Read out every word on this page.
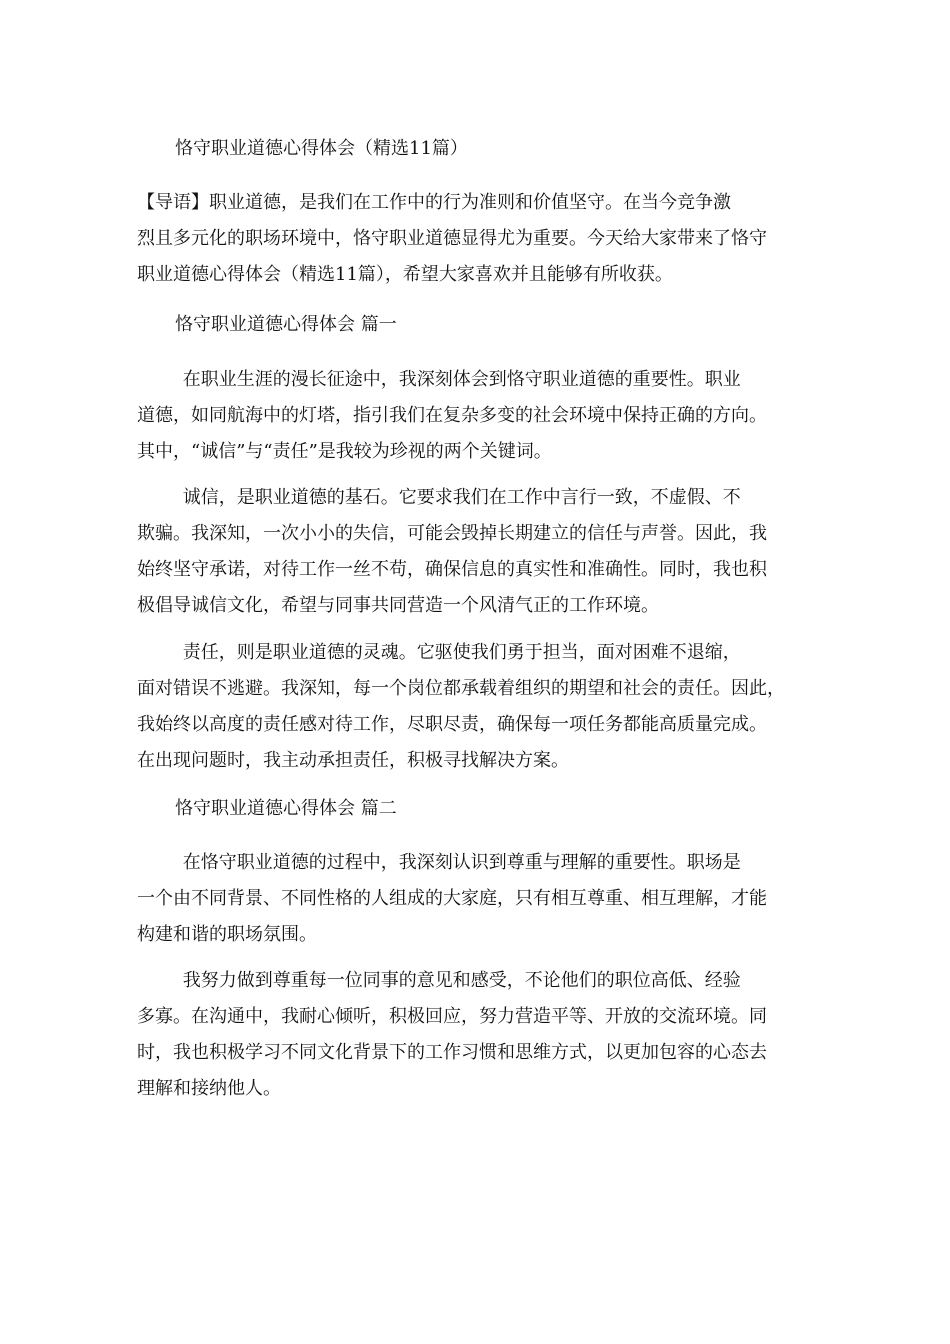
恪守职业道德心得体会（精选11篇）
【导语】职业道德，是我们在工作中的行为准则和价值坚守。在当今竞争激
烈且多元化的职场环境中，恪守职业道德显得尤为重要。今天给大家带来了恪守
职业道德心得体会（精选11篇），希望大家喜欢并且能够有所收获。
恪守职业道德心得体会 篇一
在职业生涯的漫长征途中，我深刻体会到恪守职业道德的重要性。职业
道德，如同航海中的灯塔，指引我们在复杂多变的社会环境中保持正确的方向。
其中，“诚信”与“责任”是我较为珍视的两个关键词。
诚信，是职业道德的基石。它要求我们在工作中言行一致，不虚假、不
欺骗。我深知，一次小小的失信，可能会毁掉长期建立的信任与声誉。因此，我
始终坚守承诺，对待工作一丝不苟，确保信息的真实性和准确性。同时，我也积
极倡导诚信文化，希望与同事共同营造一个风清气正的工作环境。
责任，则是职业道德的灵魂。它驱使我们勇于担当，面对困难不退缩，
面对错误不逃避。我深知，每一个岗位都承载着组织的期望和社会的责任。因此，
我始终以高度的责任感对待工作，尽职尽责，确保每一项任务都能高质量完成。
在出现问题时，我主动承担责任，积极寻找解决方案。
恪守职业道德心得体会 篇二
在恪守职业道德的过程中，我深刻认识到尊重与理解的重要性。职场是
一个由不同背景、不同性格的人组成的大家庭，只有相互尊重、相互理解，才能
构建和谐的职场氛围。
我努力做到尊重每一位同事的意见和感受，不论他们的职位高低、经验
多寡。在沟通中，我耐心倾听，积极回应，努力营造平等、开放的交流环境。同
时，我也积极学习不同文化背景下的工作习惯和思维方式，以更加包容的心态去
理解和接纳他人。
